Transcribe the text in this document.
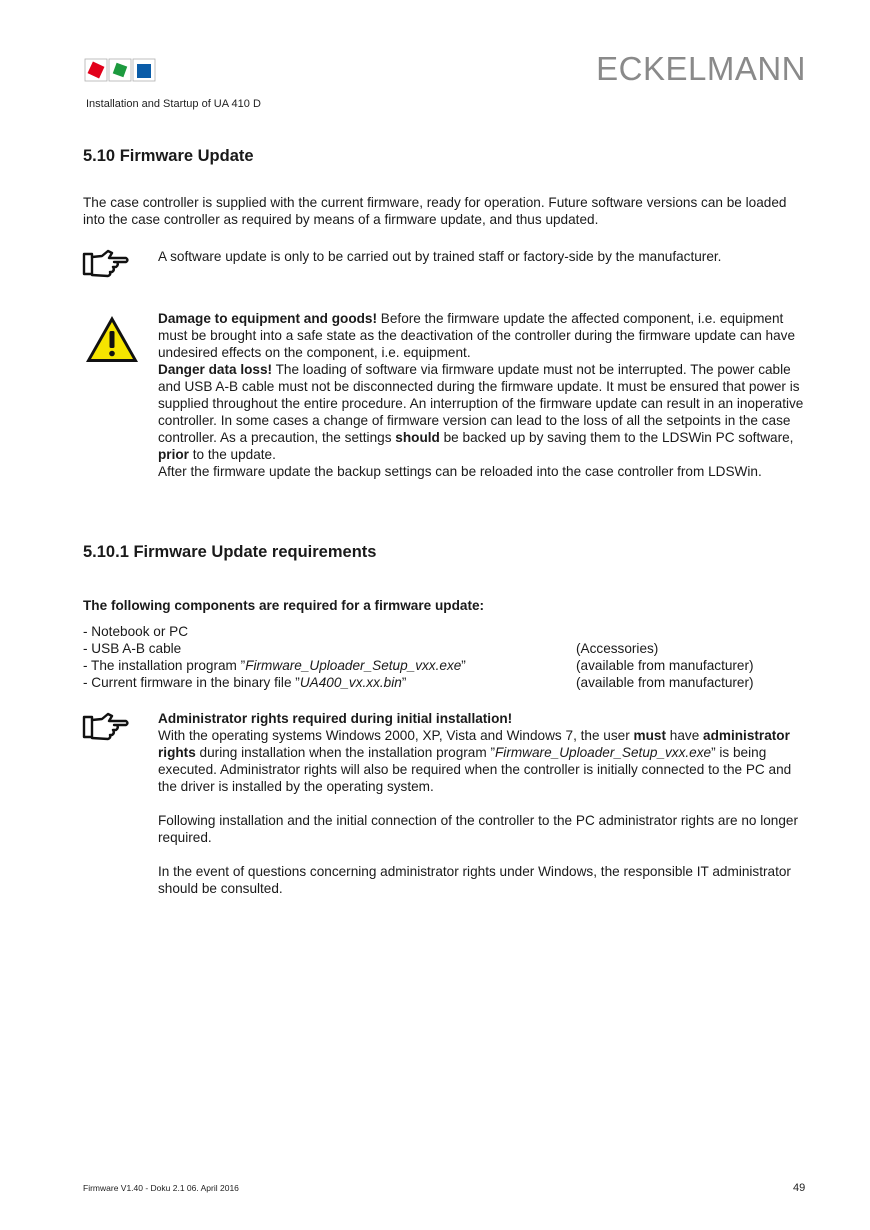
ECKELMANN
Installation and Startup of UA 410 D
5.10 Firmware Update

The case controller is supplied with the current firmware, ready for operation. Future software versions can be loaded into the case controller as required by means of a firmware update, and thus updated.

A software update is only to be carried out by trained staff or factory-side by the manufacturer.

Damage to equipment and goods! Before the firmware update the affected component, i.e. equipment must be brought into a safe state as the deactivation of the controller during the firmware update can have undesired effects on the component, i.e. equipment.

Danger data loss! The loading of software via firmware update must not be interrupted. The power cable and USB A-B cable must not be disconnected during the firmware update. It must be ensured that power is supplied throughout the entire procedure. An interruption of the firmware update can result in an inoperative controller. In some cases a change of firmware version can lead to the loss of all the setpoints in the case controller. As a precaution, the settings should be backed up by saving them to the LDSWin PC software, prior to the update.

After the firmware update the backup settings can be reloaded into the case controller from LDSWin.

5.10.1 Firmware Update requirements
The following components are required for a firmware update:
- Notebook or PC
- USB A-B cable	(Accessories)
- The installation program ”Firmware_Uploader_Setup_vxx.exe”	(available from manufacturer)
- Current firmware in the binary file ”UA400_vx.xx.bin”	(available from manufacturer)

Administrator rights required during initial installation!

With the operating systems Windows 2000, XP, Vista and Windows 7, the user must have administrator rights during installation when the installation program ”Firmware_Uploader_Setup_vxx.exe” is being executed. Administrator rights will also be required when the controller is initially connected to the PC and the driver is installed by the operating system.

Following installation and the initial connection of the controller to the PC administrator rights are no longer required.

In the event of questions concerning administrator rights under Windows, the responsible IT administrator should be consulted.

Firmware V1.40 - Doku 2.1 06. April 2016	49
